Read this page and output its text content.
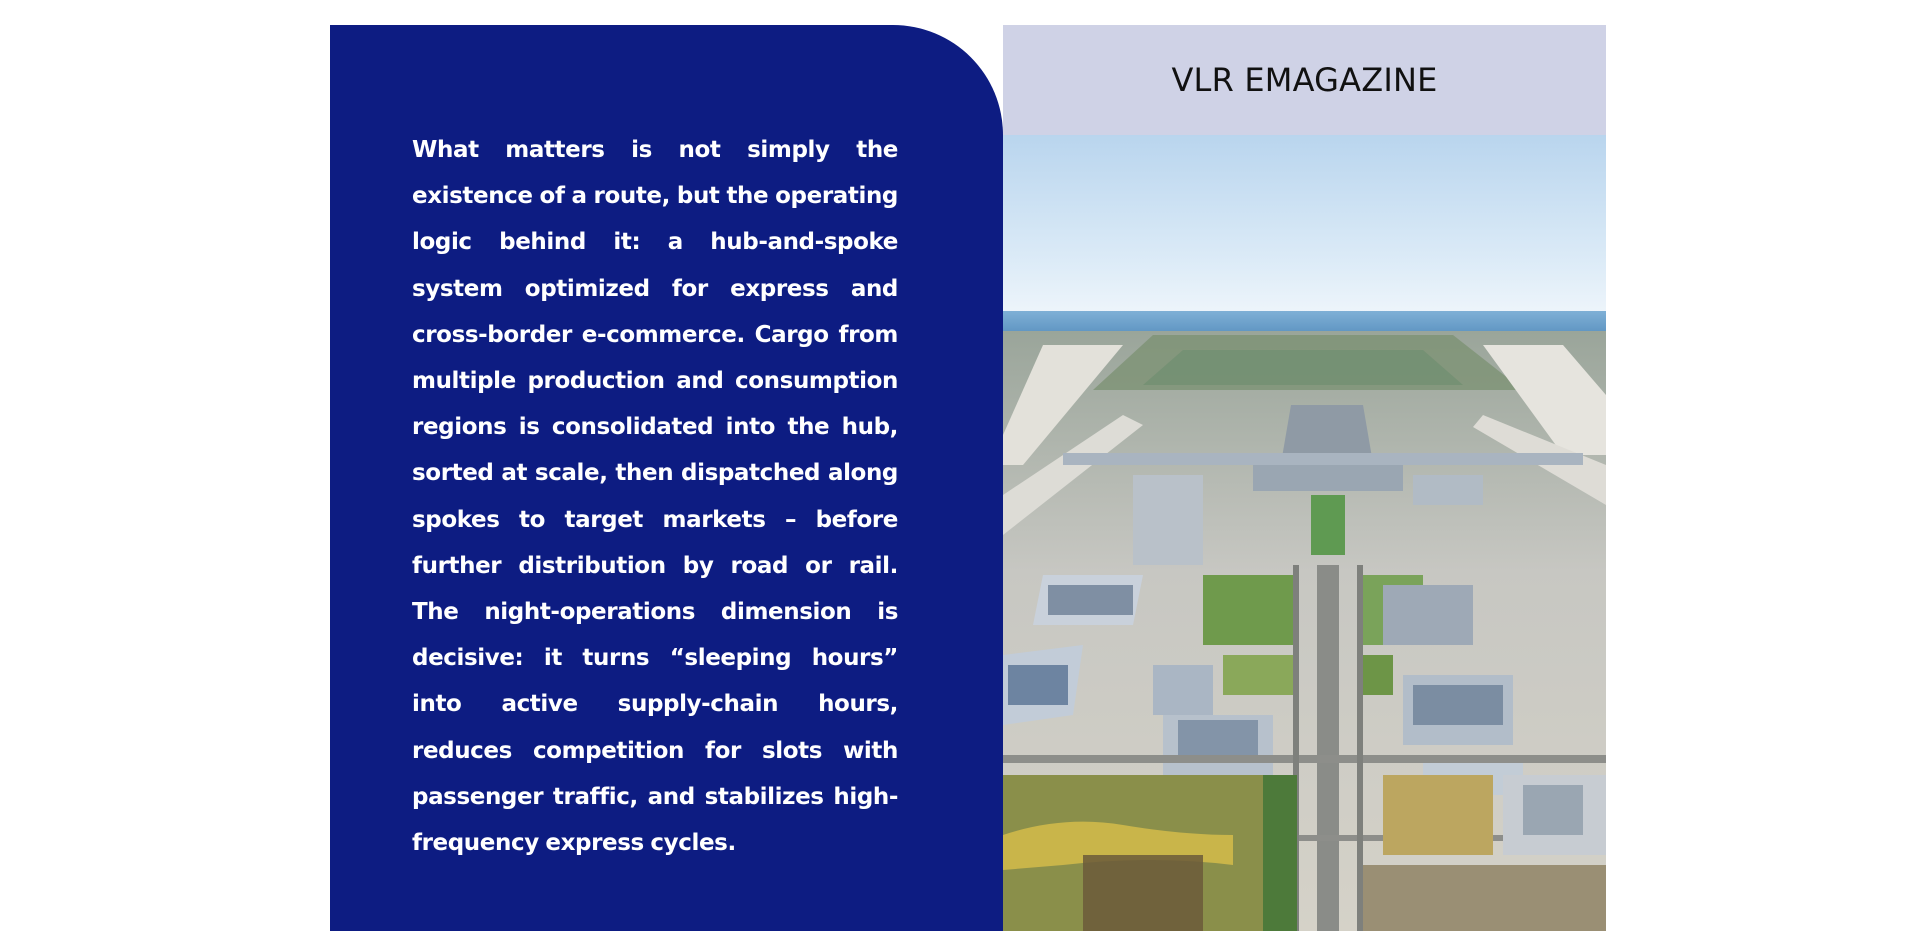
What matters is not simply the existence of a route, but the operating logic behind it: a hub-and-spoke system optimized for express and cross-border e-commerce. Cargo from multiple production and consumption regions is consolidated into the hub, sorted at scale, then dispatched along spokes to target markets – before further distribution by road or rail. The night-operations dimension is decisive: it turns “sleeping hours” into active supply-chain hours, reduces competition for slots with passenger traffic, and stabilizes high-frequency express cycles.

VLR EMAGAZINE
